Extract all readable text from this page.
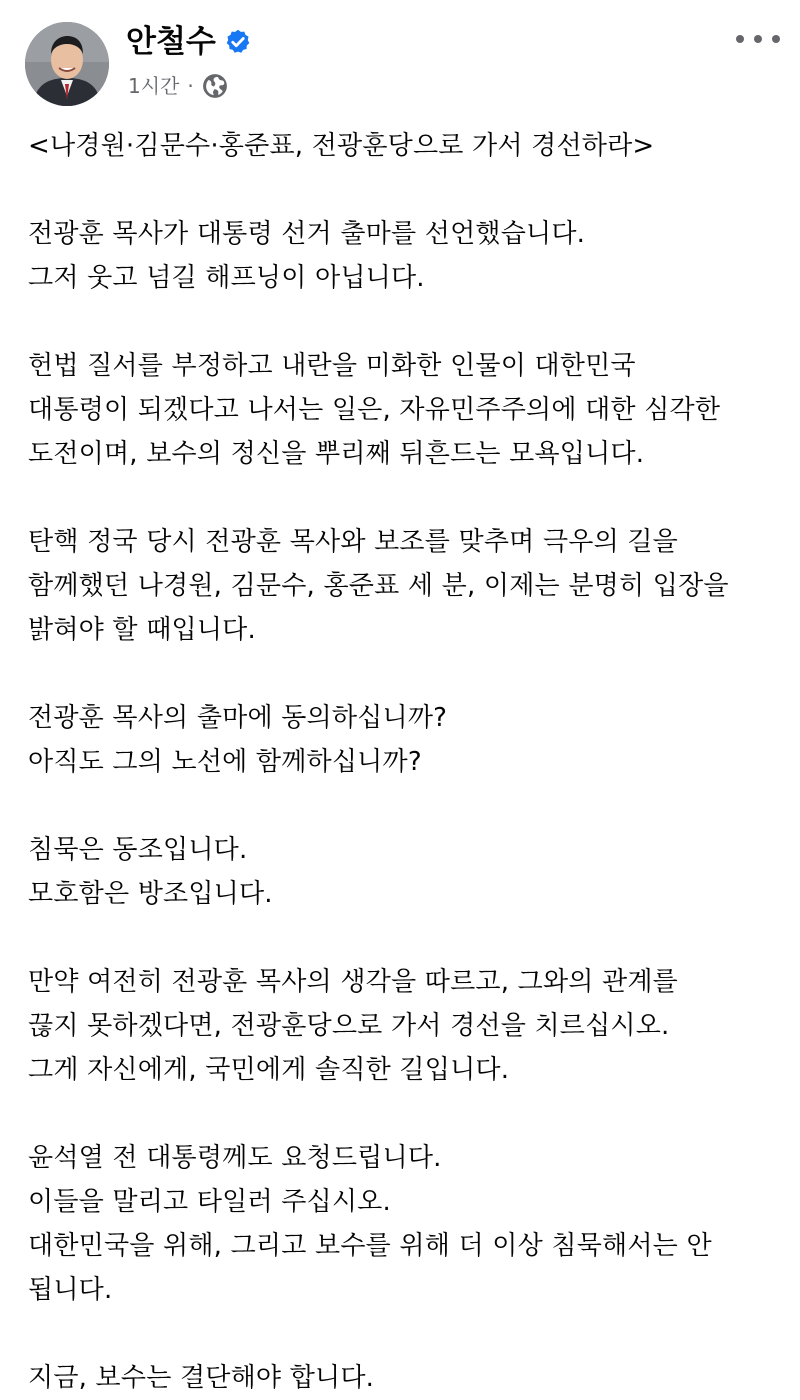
안철수
1시간 ·

<나경원·김문수·홍준표, 전광훈당으로 가서 경선하라>

전광훈 목사가 대통령 선거 출마를 선언했습니다.
그저 웃고 넘길 해프닝이 아닙니다.

헌법 질서를 부정하고 내란을 미화한 인물이 대한민국
대통령이 되겠다고 나서는 일은, 자유민주주의에 대한 심각한
도전이며, 보수의 정신을 뿌리째 뒤흔드는 모욕입니다.

탄핵 정국 당시 전광훈 목사와 보조를 맞추며 극우의 길을
함께했던 나경원, 김문수, 홍준표 세 분, 이제는 분명히 입장을
밝혀야 할 때입니다.

전광훈 목사의 출마에 동의하십니까?
아직도 그의 노선에 함께하십니까?

침묵은 동조입니다.
모호함은 방조입니다.

만약 여전히 전광훈 목사의 생각을 따르고, 그와의 관계를
끊지 못하겠다면, 전광훈당으로 가서 경선을 치르십시오.
그게 자신에게, 국민에게 솔직한 길입니다.

윤석열 전 대통령께도 요청드립니다.
이들을 말리고 타일러 주십시오.
대한민국을 위해, 그리고 보수를 위해 더 이상 침묵해서는 안
됩니다.

지금, 보수는 결단해야 합니다.
